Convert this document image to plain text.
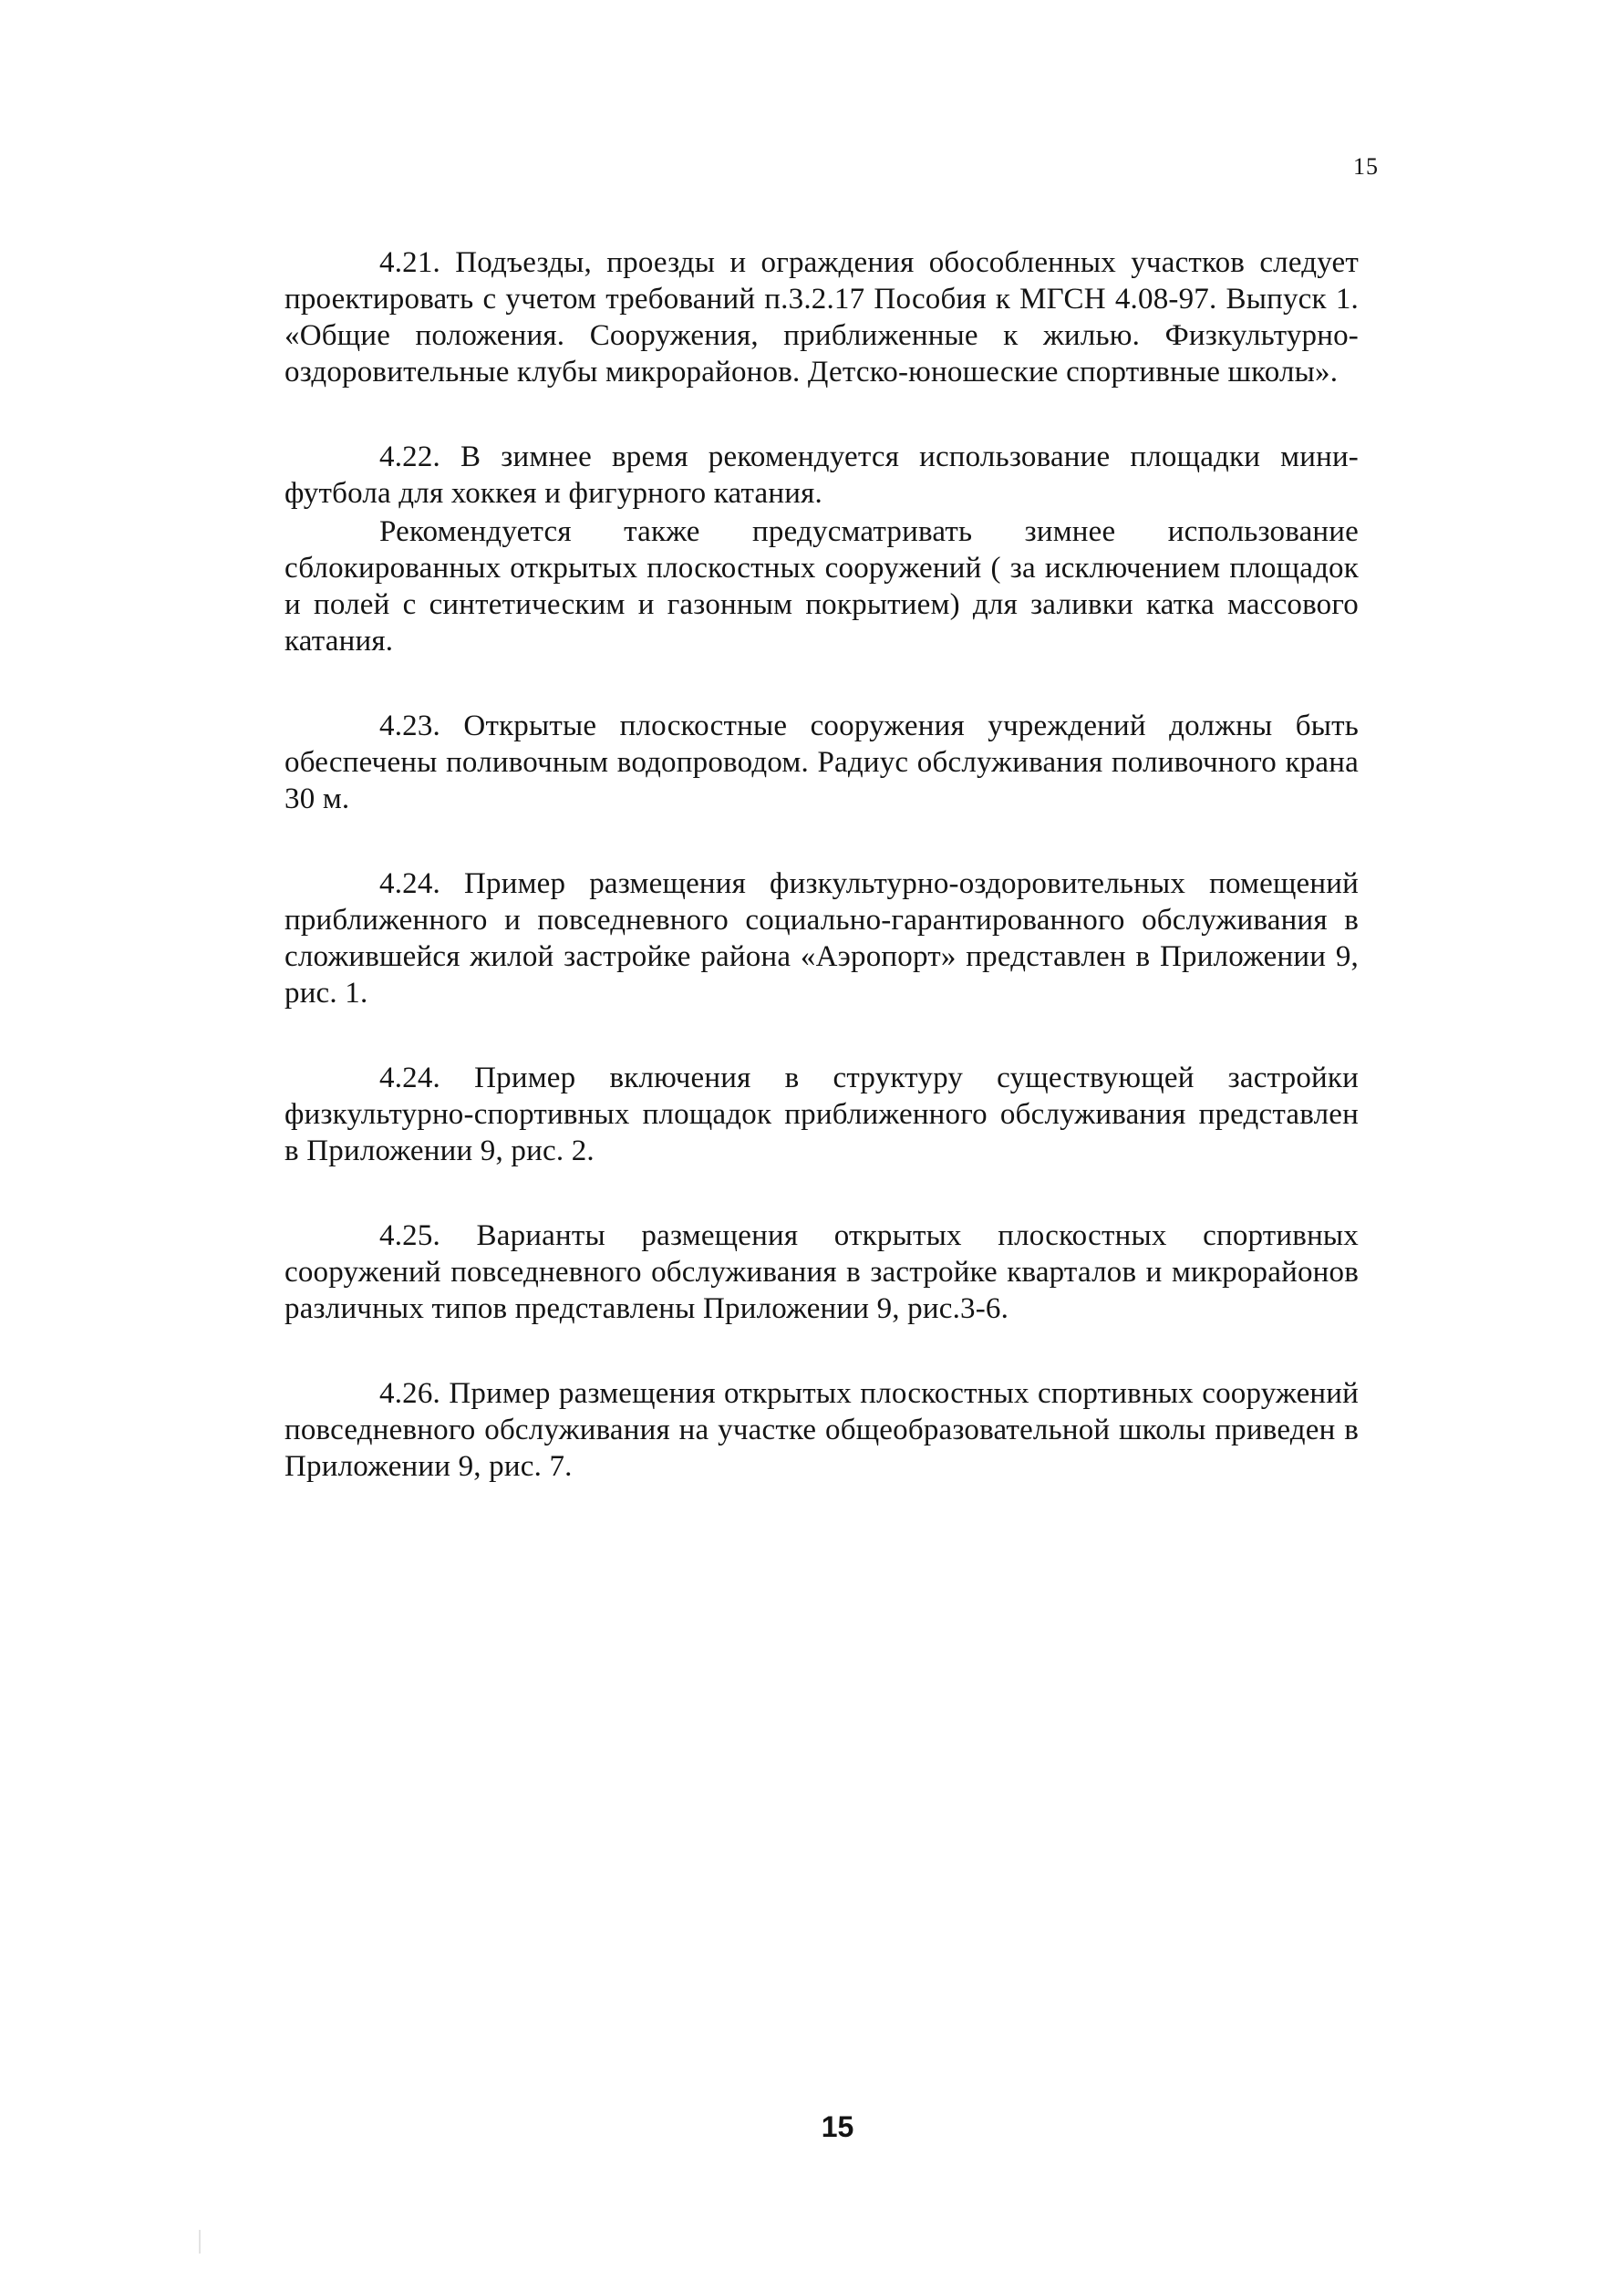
15

4.21. Подъезды, проезды и ограждения обособленных участков следует проектировать с учетом требований п.3.2.17 Пособия к МГСН 4.08-97. Выпуск 1. «Общие положения. Сооружения, приближенные к жилью. Физкультурно-оздоровительные клубы микрорайонов. Детско-юношеские спортивные школы».

4.22. В зимнее время рекомендуется использование площадки мини-футбола для хоккея и фигурного катания.

Рекомендуется также предусматривать зимнее использование сблокированных открытых плоскостных сооружений ( за исключением площадок и полей с синтетическим и газонным покрытием) для заливки катка массового катания.

4.23. Открытые плоскостные сооружения учреждений должны быть обеспечены поливочным водопроводом. Радиус обслуживания поливочного крана 30 м.

4.24. Пример размещения физкультурно-оздоровительных помещений приближенного и повседневного социально-гарантированного обслуживания в сложившейся жилой застройке района «Аэропорт» представлен в Приложении 9, рис. 1.

4.24. Пример включения в структуру существующей застройки физкультурно-спортивных площадок приближенного обслуживания представлен в Приложении 9, рис. 2.

4.25. Варианты размещения открытых плоскостных спортивных сооружений повседневного обслуживания в застройке кварталов и микрорайонов различных типов представлены Приложении 9, рис.3-6.

4.26. Пример размещения открытых плоскостных спортивных сооружений повседневного обслуживания на участке общеобразовательной школы приведен в Приложении 9, рис. 7.

15
